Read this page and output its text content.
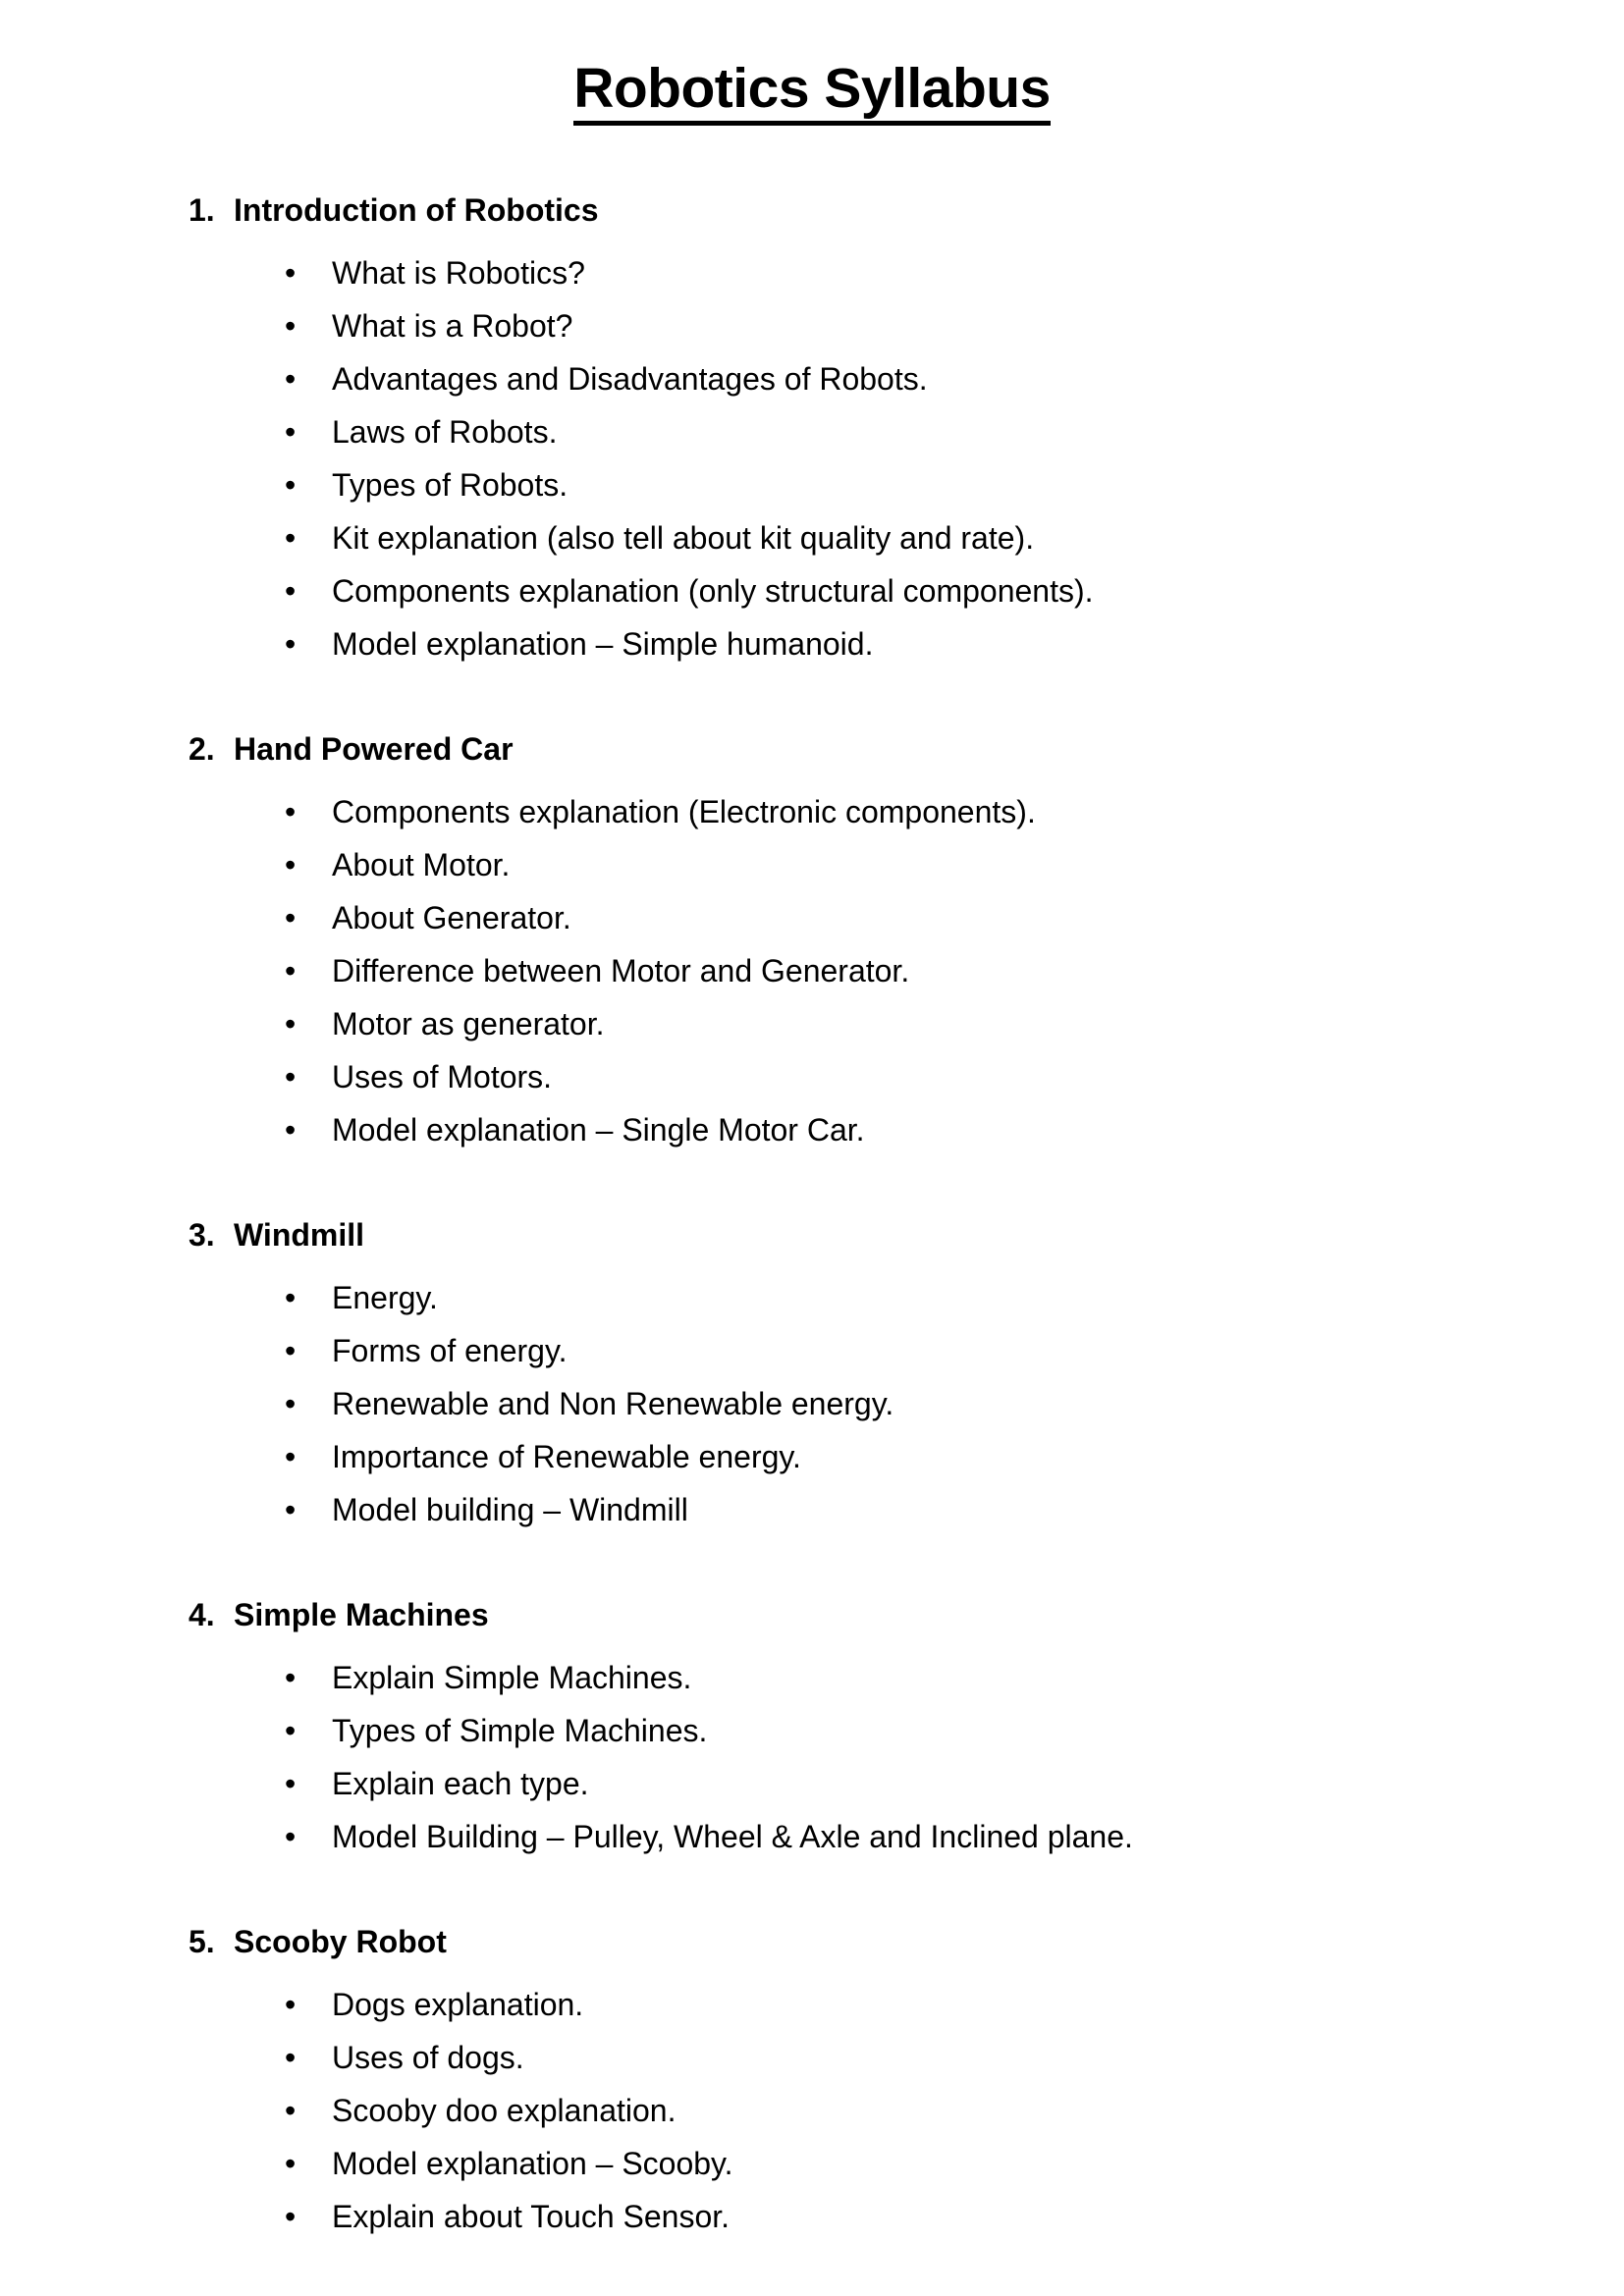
Robotics Syllabus
1. Introduction of Robotics
• What is Robotics?
• What is a Robot?
• Advantages and Disadvantages of Robots.
• Laws of Robots.
• Types of Robots.
• Kit explanation (also tell about kit quality and rate).
• Components explanation (only structural components).
• Model explanation – Simple humanoid.
2. Hand Powered Car
• Components explanation (Electronic components).
• About Motor.
• About Generator.
• Difference between Motor and Generator.
• Motor as generator.
• Uses of Motors.
• Model explanation – Single Motor Car.
3. Windmill
• Energy.
• Forms of energy.
• Renewable and Non Renewable energy.
• Importance of Renewable energy.
• Model building – Windmill
4. Simple Machines
• Explain Simple Machines.
• Types of Simple Machines.
• Explain each type.
• Model Building – Pulley, Wheel & Axle and Inclined plane.
5. Scooby Robot
• Dogs explanation.
• Uses of dogs.
• Scooby doo explanation.
• Model explanation – Scooby.
• Explain about Touch Sensor.
